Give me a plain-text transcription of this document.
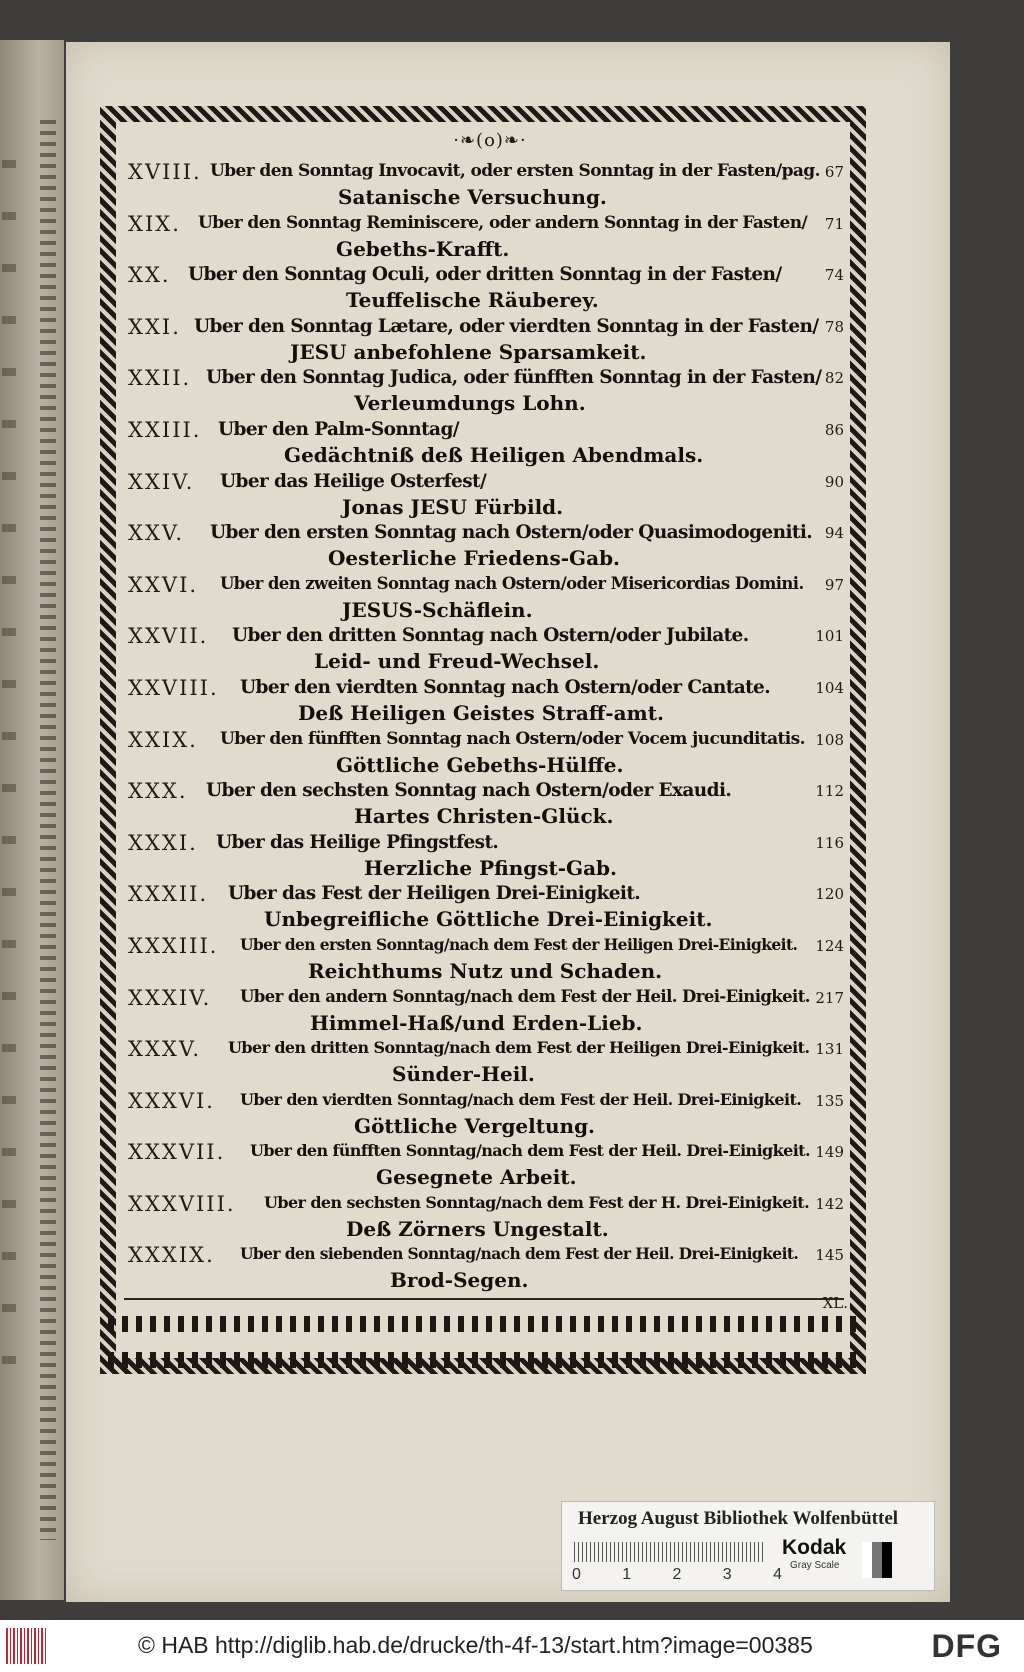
·❧(o)❧·
XVIII. Uber den Sonntag Invocavit, oder ersten Sonntag in der Fasten/pag. 67
Satanische Versuchung.
XIX. Uber den Sonntag Reminiscere, oder andern Sonntag in der Fasten/ 71
Gebeths-Krafft.
XX. Uber den Sonntag Oculi, oder dritten Sonntag in der Fasten/	74
Teuffelische Räuberey.
XXI. Uber den Sonntag Lætare, oder vierdten Sonntag in der Fasten/ 78
JESU anbefohlene Sparsamkeit.
XXII. Uber den Sonntag Judica, oder fünfften Sonntag in der Fasten/ 82
Verleumdungs Lohn.
XXIII. Uber den Palm-Sonntag/	86
Gedächtniß deß Heiligen Abendmals.
XXIV. Uber das Heilige Osterfest/	90
Jonas JESU Fürbild.
XXV. Uber den ersten Sonntag nach Ostern/oder Quasimodogeniti. 94
Oesterliche Friedens-Gab.
XXVI. Uber den zweiten Sonntag nach Ostern/oder Misericordias Domini. 97
JESUS-Schäflein.
XXVII. Uber den dritten Sonntag nach Ostern/oder Jubilate.	101
Leid- und Freud-Wechsel.
XXVIII. Uber den vierdten Sonntag nach Ostern/oder Cantate.	104
Deß Heiligen Geistes Straff-amt.
XXIX. Uber den fünfften Sonntag nach Ostern/oder Vocem jucunditatis. 108
Göttliche Gebeths-Hülffe.
XXX. Uber den sechsten Sonntag nach Ostern/oder Exaudi.	112
Hartes Christen-Glück.
XXXI. Uber das Heilige Pfingstfest.	116
Herzliche Pfingst-Gab.
XXXII. Uber das Fest der Heiligen Drei-Einigkeit.	120
Unbegreifliche Göttliche Drei-Einigkeit.
XXXIII. Uber den ersten Sonntag/nach dem Fest der Heiligen Drei-Einigkeit. 124
Reichthums Nutz und Schaden.
XXXIV. Uber den andern Sonntag/nach dem Fest der Heil. Drei-Einigkeit. 217
Himmel-Haß/und Erden-Lieb.
XXXV. Uber den dritten Sonntag/nach dem Fest der Heiligen Drei-Einigkeit. 131
Sünder-Heil.
XXXVI. Uber den vierdten Sonntag/nach dem Fest der Heil. Drei-Einigkeit. 135
Göttliche Vergeltung.
XXXVII. Uber den fünfften Sonntag/nach dem Fest der Heil. Drei-Einigkeit. 149
Gesegnete Arbeit.
XXXVIII. Uber den sechsten Sonntag/nach dem Fest der H. Drei-Einigkeit. 142
Deß Zörners Ungestalt.
XXXIX. Uber den siebenden Sonntag/nach dem Fest der Heil. Drei-Einigkeit. 145
Brod-Segen.
XL.
Herzog August Bibliothek Wolfenbüttel
0	1	2	3	4
Kodak
Gray Scale
© HAB http://diglib.hab.de/drucke/th-4f-13/start.htm?image=00385	DFG
